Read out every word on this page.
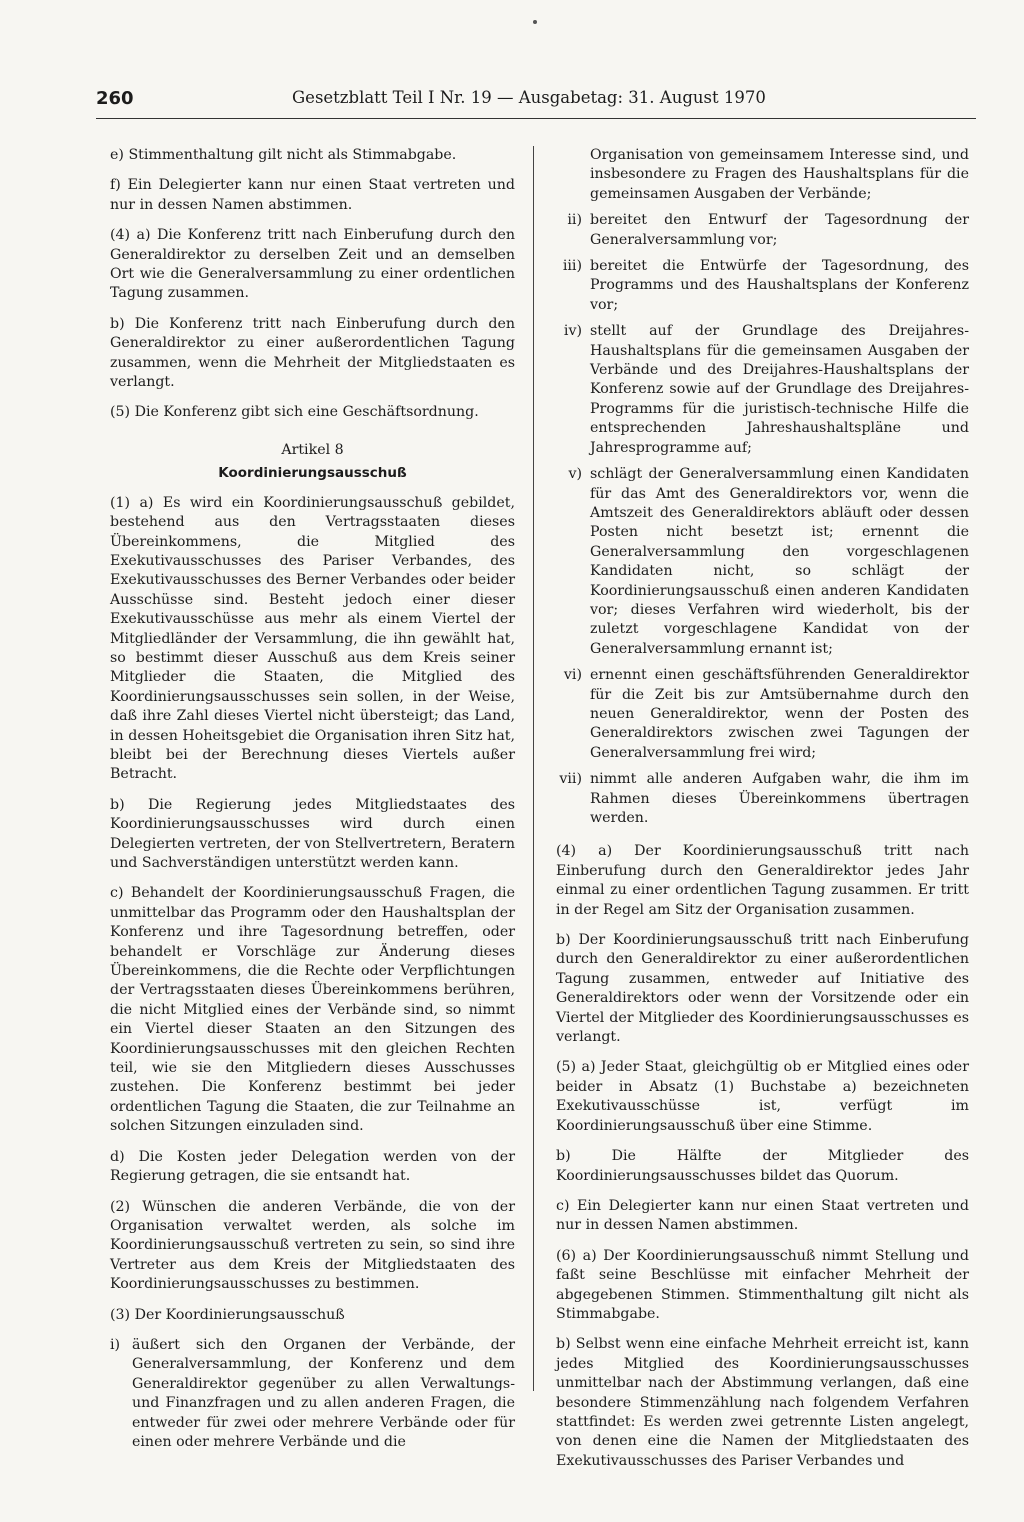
260	Gesetzblatt Teil I Nr. 19 — Ausgabetag: 31. August 1970

e) Stimmenthaltung gilt nicht als Stimmabgabe.

f) Ein Delegierter kann nur einen Staat vertreten und nur in dessen Namen abstimmen.

(4) a) Die Konferenz tritt nach Einberufung durch den Generaldirektor zu derselben Zeit und an demselben Ort wie die Generalversammlung zu einer ordentlichen Tagung zusammen.

b) Die Konferenz tritt nach Einberufung durch den Generaldirektor zu einer außerordentlichen Tagung zusammen, wenn die Mehrheit der Mitgliedstaaten es verlangt.

(5) Die Konferenz gibt sich eine Geschäftsordnung.

Artikel 8
Koordinierungsausschuß

(1) a) Es wird ein Koordinierungsausschuß gebildet, bestehend aus den Vertragsstaaten dieses Übereinkommens, die Mitglied des Exekutivausschusses des Pariser Verbandes, des Exekutivausschusses des Berner Verbandes oder beider Ausschüsse sind. Besteht jedoch einer dieser Exekutivausschüsse aus mehr als einem Viertel der Mitgliedländer der Versammlung, die ihn gewählt hat, so bestimmt dieser Ausschuß aus dem Kreis seiner Mitglieder die Staaten, die Mitglied des Koordinierungsausschusses sein sollen, in der Weise, daß ihre Zahl dieses Viertel nicht übersteigt; das Land, in dessen Hoheitsgebiet die Organisation ihren Sitz hat, bleibt bei der Berechnung dieses Viertels außer Betracht.

b) Die Regierung jedes Mitgliedstaates des Koordinierungsausschusses wird durch einen Delegierten vertreten, der von Stellvertretern, Beratern und Sachverständigen unterstützt werden kann.

c) Behandelt der Koordinierungsausschuß Fragen, die unmittelbar das Programm oder den Haushaltsplan der Konferenz und ihre Tagesordnung betreffen, oder behandelt er Vorschläge zur Änderung dieses Übereinkommens, die die Rechte oder Verpflichtungen der Vertragsstaaten dieses Übereinkommens berühren, die nicht Mitglied eines der Verbände sind, so nimmt ein Viertel dieser Staaten an den Sitzungen des Koordinierungsausschusses mit den gleichen Rechten teil, wie sie den Mitgliedern dieses Ausschusses zustehen. Die Konferenz bestimmt bei jeder ordentlichen Tagung die Staaten, die zur Teilnahme an solchen Sitzungen einzuladen sind.

d) Die Kosten jeder Delegation werden von der Regierung getragen, die sie entsandt hat.

(2) Wünschen die anderen Verbände, die von der Organisation verwaltet werden, als solche im Koordinierungsausschuß vertreten zu sein, so sind ihre Vertreter aus dem Kreis der Mitgliedstaaten des Koordinierungsausschusses zu bestimmen.

(3) Der Koordinierungsausschuß

i) äußert sich den Organen der Verbände, der Generalversammlung, der Konferenz und dem Generaldirektor gegenüber zu allen Verwaltungs- und Finanzfragen und zu allen anderen Fragen, die entweder für zwei oder mehrere Verbände oder für einen oder mehrere Verbände und die
Organisation von gemeinsamem Interesse sind, und insbesondere zu Fragen des Haushaltsplans für die gemeinsamen Ausgaben der Verbände;
ii) bereitet den Entwurf der Tagesordnung der Generalversammlung vor;
iii) bereitet die Entwürfe der Tagesordnung, des Programms und des Haushaltsplans der Konferenz vor;
iv) stellt auf der Grundlage des Dreijahres-Haushaltsplans für die gemeinsamen Ausgaben der Verbände und des Dreijahres-Haushaltsplans der Konferenz sowie auf der Grundlage des Dreijahres-Programms für die juristisch-technische Hilfe die entsprechenden Jahreshaushaltspläne und Jahresprogramme auf;
v) schlägt der Generalversammlung einen Kandidaten für das Amt des Generaldirektors vor, wenn die Amtszeit des Generaldirektors abläuft oder dessen Posten nicht besetzt ist; ernennt die Generalversammlung den vorgeschlagenen Kandidaten nicht, so schlägt der Koordinierungsausschuß einen anderen Kandidaten vor; dieses Verfahren wird wiederholt, bis der zuletzt vorgeschlagene Kandidat von der Generalversammlung ernannt ist;
vi) ernennt einen geschäftsführenden Generaldirektor für die Zeit bis zur Amtsübernahme durch den neuen Generaldirektor, wenn der Posten des Generaldirektors zwischen zwei Tagungen der Generalversammlung frei wird;
vii) nimmt alle anderen Aufgaben wahr, die ihm im Rahmen dieses Übereinkommens übertragen werden.

(4) a) Der Koordinierungsausschuß tritt nach Einberufung durch den Generaldirektor jedes Jahr einmal zu einer ordentlichen Tagung zusammen. Er tritt in der Regel am Sitz der Organisation zusammen.

b) Der Koordinierungsausschuß tritt nach Einberufung durch den Generaldirektor zu einer außerordentlichen Tagung zusammen, entweder auf Initiative des Generaldirektors oder wenn der Vorsitzende oder ein Viertel der Mitglieder des Koordinierungsausschusses es verlangt.

(5) a) Jeder Staat, gleichgültig ob er Mitglied eines oder beider in Absatz (1) Buchstabe a) bezeichneten Exekutivausschüsse ist, verfügt im Koordinierungsausschuß über eine Stimme.

b) Die Hälfte der Mitglieder des Koordinierungsausschusses bildet das Quorum.

c) Ein Delegierter kann nur einen Staat vertreten und nur in dessen Namen abstimmen.

(6) a) Der Koordinierungsausschuß nimmt Stellung und faßt seine Beschlüsse mit einfacher Mehrheit der abgegebenen Stimmen. Stimmenthaltung gilt nicht als Stimmabgabe.

b) Selbst wenn eine einfache Mehrheit erreicht ist, kann jedes Mitglied des Koordinierungsausschusses unmittelbar nach der Abstimmung verlangen, daß eine besondere Stimmenzählung nach folgendem Verfahren stattfindet: Es werden zwei getrennte Listen angelegt, von denen eine die Namen der Mitgliedstaaten des Exekutivausschusses des Pariser Verbandes und
